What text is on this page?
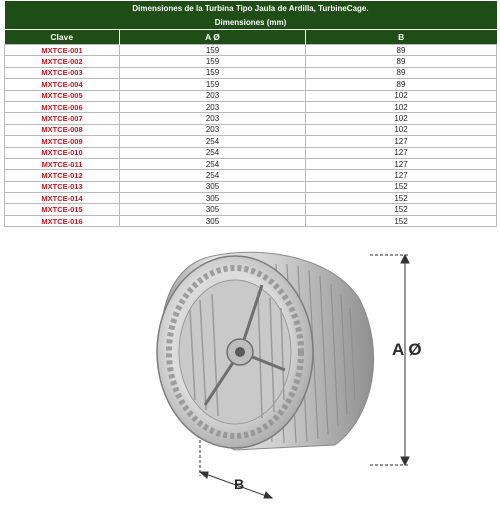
Dimensiones de la Turbina Tipo Jaula de Ardilla, TurbineCage.		
Dimensiones (mm)		
Clave	A Ø	B
MXTCE-001	159	89
MXTCE-002	159	89
MXTCE-003	159	89
MXTCE-004	159	89
MXTCE-005	203	102
MXTCE-006	203	102
MXTCE-007	203	102
MXTCE-008	203	102
MXTCE-009	254	127
MXTCE-010	254	127
MXTCE-011	254	127
MXTCE-012	254	127
MXTCE-013	305	152
MXTCE-014	305	152
MXTCE-015	305	152
MXTCE-016	305	152
A Ø
B
